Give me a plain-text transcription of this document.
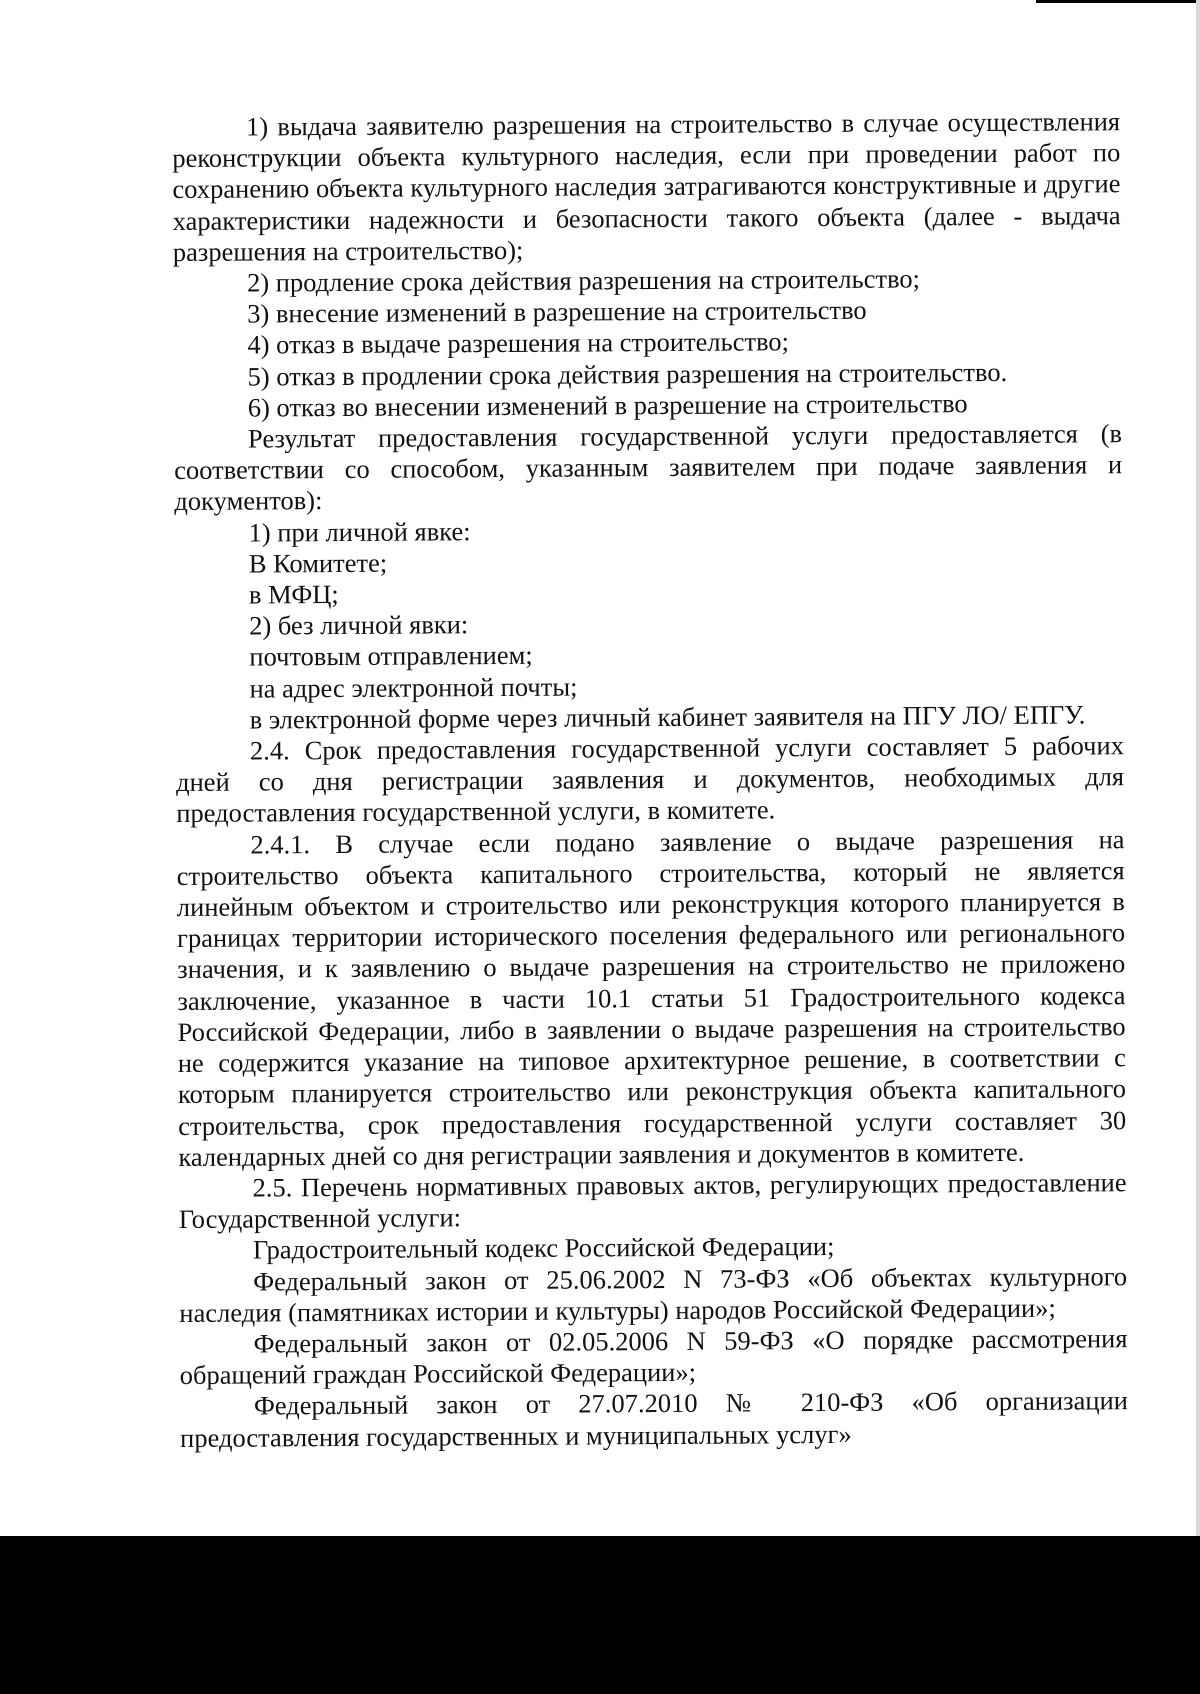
1) выдача заявителю разрешения на строительство в случае осуществления реконструкции объекта культурного наследия, если при проведении работ по сохранению объекта культурного наследия затрагиваются конструктивные и другие характеристики надежности и безопасности такого объекта (далее - выдача разрешения на строительство);

2) продление срока действия разрешения на строительство;

3) внесение изменений в разрешение на строительство

4) отказ в выдаче разрешения на строительство;

5) отказ в продлении срока действия разрешения на строительство.

6) отказ во внесении изменений в разрешение на строительство

Результат предоставления государственной услуги предоставляется (в соответствии со способом, указанным заявителем при подаче заявления и документов):

1) при личной явке:

В Комитете;

в МФЦ;

2) без личной явки:

почтовым отправлением;

на адрес электронной почты;

в электронной форме через личный кабинет заявителя на ПГУ ЛО/ ЕПГУ.

2.4. Срок предоставления государственной услуги составляет 5 рабочих дней со дня регистрации заявления и документов, необходимых для предоставления государственной услуги, в комитете.

2.4.1. В случае если подано заявление о выдаче разрешения на строительство объекта капитального строительства, который не является линейным объектом и строительство или реконструкция которого планируется в границах территории исторического поселения федерального или регионального значения, и к заявлению о выдаче разрешения на строительство не приложено заключение, указанное в части 10.1 статьи 51 Градостроительного кодекса Российской Федерации, либо в заявлении о выдаче разрешения на строительство не содержится указание на типовое архитектурное решение, в соответствии с которым планируется строительство или реконструкция объекта капитального строительства, срок предоставления государственной услуги составляет 30 календарных дней со дня регистрации заявления и документов в комитете.

2.5. Перечень нормативных правовых актов, регулирующих предоставление Государственной услуги:

Градостроительный кодекс Российской Федерации;

Федеральный закон от 25.06.2002 N 73-ФЗ «Об объектах культурного наследия (памятниках истории и культуры) народов Российской Федерации»;

Федеральный закон от 02.05.2006 N 59-ФЗ «О порядке рассмотрения обращений граждан Российской Федерации»;

Федеральный закон от 27.07.2010 № 210-ФЗ «Об организации предоставления государственных и муниципальных услуг»
